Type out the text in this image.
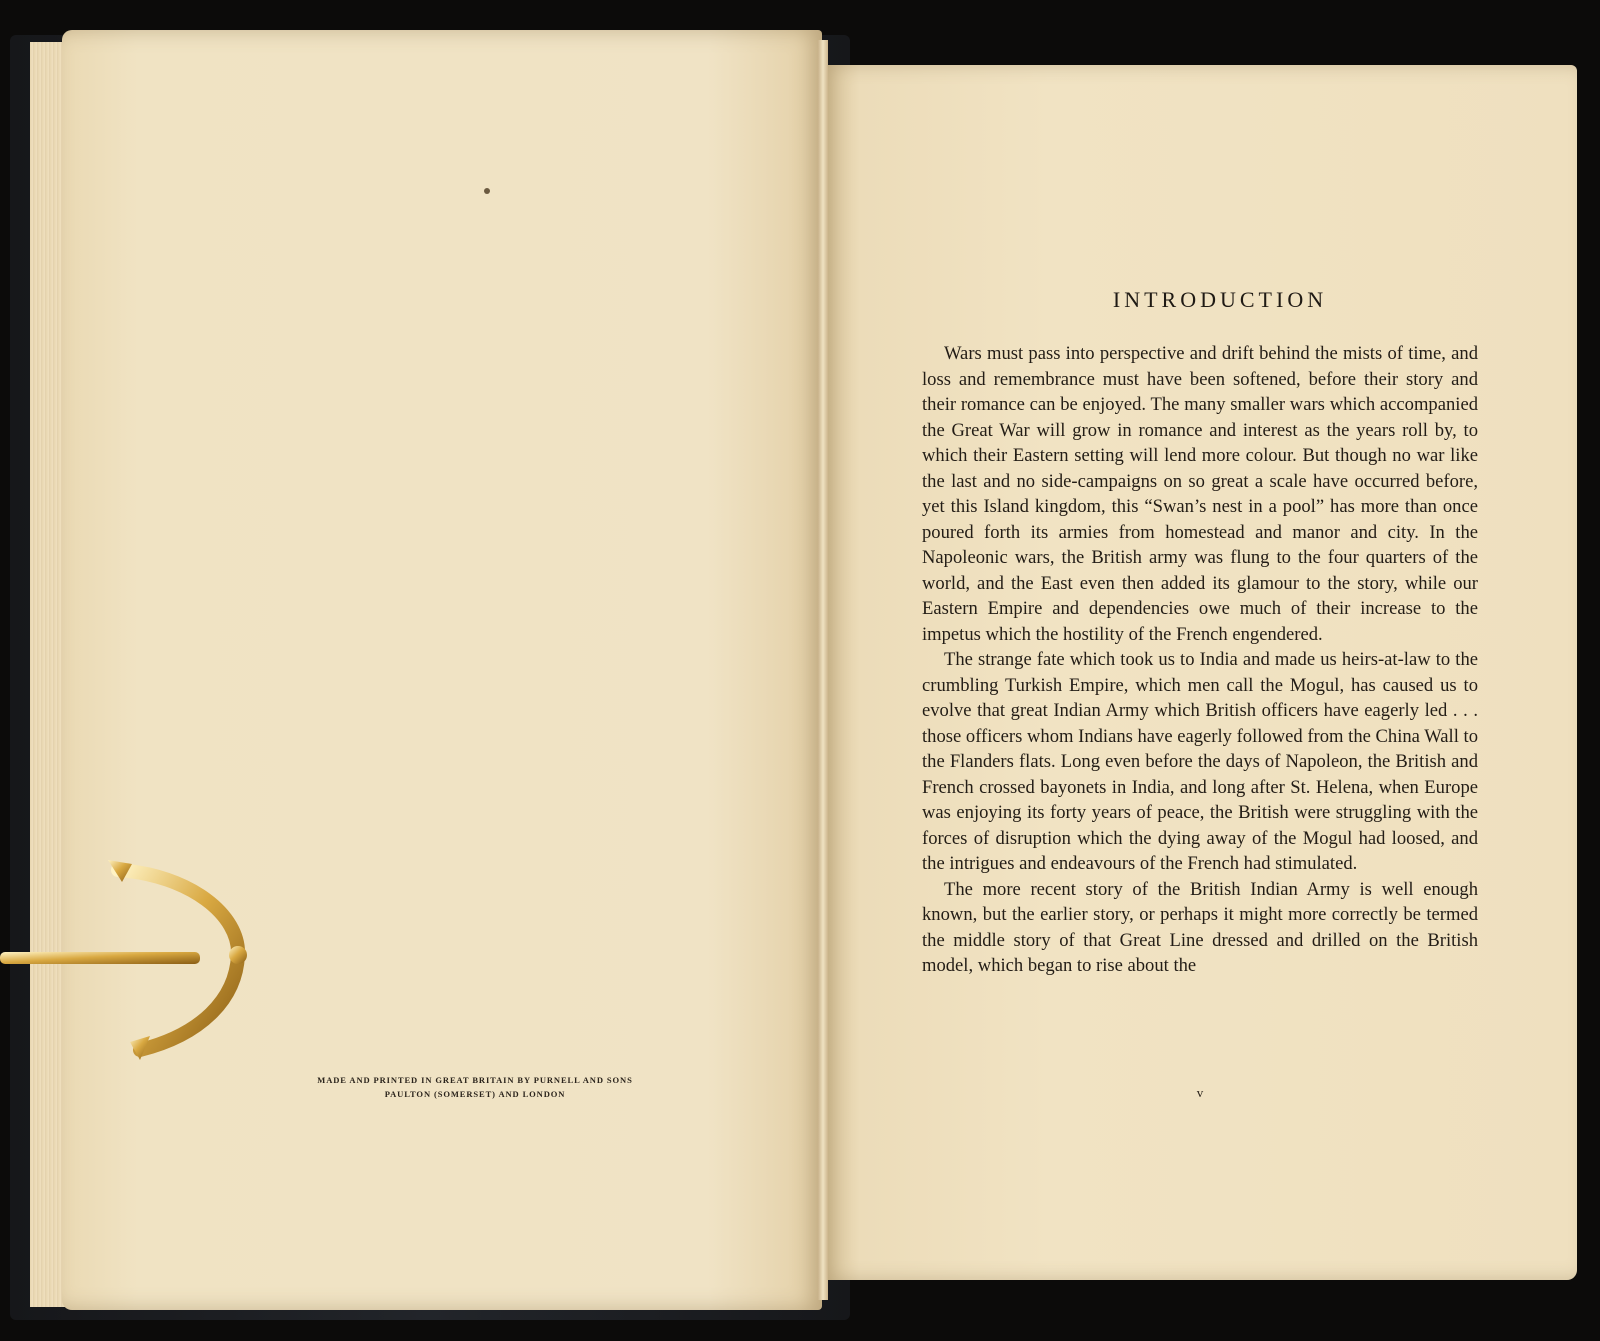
MADE AND PRINTED IN GREAT BRITAIN BY PURNELL AND SONS
PAULTON (SOMERSET) AND LONDON
INTRODUCTION

Wars must pass into perspective and drift behind the mists of time, and loss and remembrance must have been softened, before their story and their romance can be enjoyed. The many smaller wars which accompanied the Great War will grow in romance and interest as the years roll by, to which their Eastern setting will lend more colour. But though no war like the last and no side-campaigns on so great a scale have occurred before, yet this Island kingdom, this “Swan’s nest in a pool” has more than once poured forth its armies from homestead and manor and city. In the Napoleonic wars, the British army was flung to the four quarters of the world, and the East even then added its glamour to the story, while our Eastern Empire and dependencies owe much of their increase to the impetus which the hostility of the French engendered.

The strange fate which took us to India and made us heirs-at-law to the crumbling Turkish Empire, which men call the Mogul, has caused us to evolve that great Indian Army which British officers have eagerly led . . . those officers whom Indians have eagerly followed from the China Wall to the Flanders flats. Long even before the days of Napoleon, the British and French crossed bayonets in India, and long after St. Helena, when Europe was enjoying its forty years of peace, the British were struggling with the forces of disruption which the dying away of the Mogul had loosed, and the intrigues and endeavours of the French had stimulated.

The more recent story of the British Indian Army is well enough known, but the earlier story, or perhaps it might more correctly be termed the middle story of that Great Line dressed and drilled on the British model, which began to rise about the

v
